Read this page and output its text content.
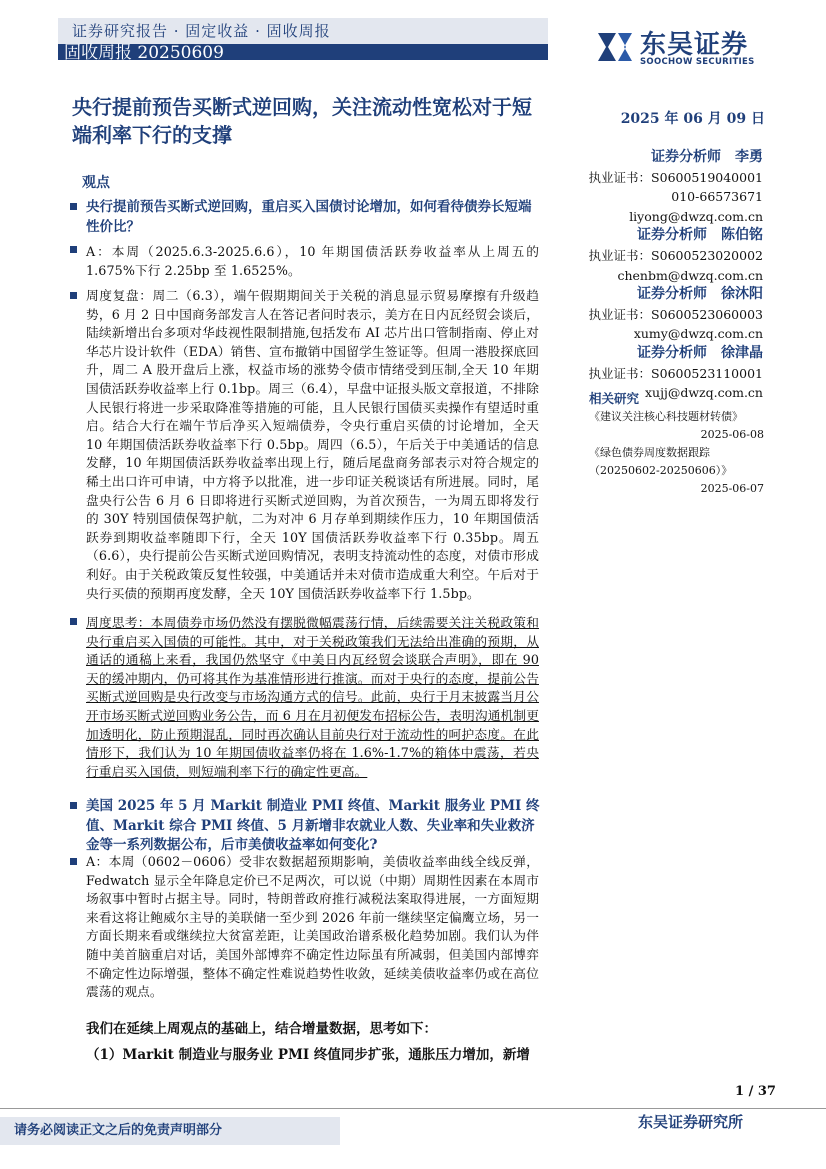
证券研究报告 · 固定收益 · 固收周报
固收周报 20250609	东吴证券
SOOCHOW SECURITIES
央行提前预告买断式逆回购，关注流动性宽松对于短端利率下行的支撑
2025 年 06 月 09 日
证券分析师　李勇
执业证书：S0600519040001
010-66573671
liyong@dwzq.com.cn
证券分析师　陈伯铭
执业证书：S0600523020002
chenbm@dwzq.com.cn
证券分析师　徐沐阳
执业证书：S0600523060003
xumy@dwzq.com.cn
证券分析师　徐津晶
执业证书：S0600523110001
xujj@dwzq.com.cn
相关研究
《建议关注核心科技题材转债》
2025-06-08
《绿色债券周度数据跟踪（20250602-20250606）》
2025-06-07
观点
央行提前预告买断式逆回购，重启买入国债讨论增加，如何看待债券长短端性价比？
A：本周（2025.6.3-2025.6.6），10 年期国债活跃券收益率从上周五的 1.675%下行 2.25bp 至 1.6525%。
周度复盘：周二（6.3），端午假期期间关于关税的消息显示贸易摩擦有升级趋势，6 月 2 日中国商务部发言人在答记者问时表示，美方在日内瓦经贸会谈后，陆续新增出台多项对华歧视性限制措施,包括发布 AI 芯片出口管制指南、停止对华芯片设计软件（EDA）销售、宣布撤销中国留学生签证等。但周一港股探底回升，周二 A 股开盘后上涨，权益市场的涨势令债市情绪受到压制,全天 10 年期国债活跃券收益率上行 0.1bp。周三（6.4），早盘中证报头版文章报道，不排除人民银行将进一步采取降准等措施的可能，且人民银行国债买卖操作有望适时重启。结合大行在端午节后净买入短端债券，令央行重启买债的讨论增加，全天 10 年期国债活跃券收益率下行 0.5bp。周四（6.5），午后关于中美通话的信息发酵，10 年期国债活跃券收益率出现上行，随后尾盘商务部表示对符合规定的稀土出口许可申请，中方将予以批准，进一步印证关税谈话有所进展。同时，尾盘央行公告 6 月 6 日即将进行买断式逆回购，为首次预告，一为周五即将发行的 30Y 特别国债保驾护航，二为对冲 6 月存单到期续作压力，10 年期国债活跃券到期收益率随即下行，全天 10Y 国债活跃券收益率下行 0.35bp。周五（6.6），央行提前公告买断式逆回购情况，表明支持流动性的态度，对债市形成利好。由于关税政策反复性较强，中美通话并未对债市造成重大利空。午后对于央行买债的预期再度发酵，全天 10Y 国债活跃券收益率下行 1.5bp。
周度思考：本周债券市场仍然没有摆脱微幅震荡行情，后续需要关注关税政策和央行重启买入国债的可能性。其中，对于关税政策我们无法给出准确的预期，从通话的通稿上来看，我国仍然坚守《中美日内瓦经贸会谈联合声明》，即在 90 天的缓冲期内，仍可将其作为基准情形进行推演。而对于央行的态度，提前公告买断式逆回购是央行改变与市场沟通方式的信号。此前，央行于月末披露当月公开市场买断式逆回购业务公告，而 6 月在月初便发布招标公告，表明沟通机制更加透明化，防止预期混乱，同时再次确认目前央行对于流动性的呵护态度。在此情形下，我们认为 10 年期国债收益率仍将在 1.6%-1.7%的箱体中震荡，若央行重启买入国债，则短端利率下行的确定性更高。
美国 2025 年 5 月 Markit 制造业 PMI 终值、Markit 服务业 PMI 终值、Markit 综合 PMI 终值、5 月新增非农就业人数、失业率和失业救济金等一系列数据公布，后市美债收益率如何变化?
A：本周（0602－0606）受非农数据超预期影响，美债收益率曲线全线反弹，Fedwatch 显示全年降息定价已不足两次，可以说（中期）周期性因素在本周市场叙事中暂时占据主导。同时，特朗普政府推行减税法案取得进展，一方面短期来看这将让鲍威尔主导的美联储一至少到 2026 年前一继续坚定偏鹰立场，另一方面长期来看或继续拉大贫富差距，让美国政治谱系极化趋势加剧。我们认为伴随中美首脑重启对话，美国外部博弈不确定性边际虽有所减弱，但美国内部博弈不确定性边际增强，整体不确定性难说趋势性收敛，延续美债收益率仍或在高位震荡的观点。
我们在延续上周观点的基础上，结合增量数据，思考如下：
（1）Markit 制造业与服务业 PMI 终值同步扩张，通胀压力增加，新增
1 / 37
请务必阅读正文之后的免责声明部分	东吴证券研究所
